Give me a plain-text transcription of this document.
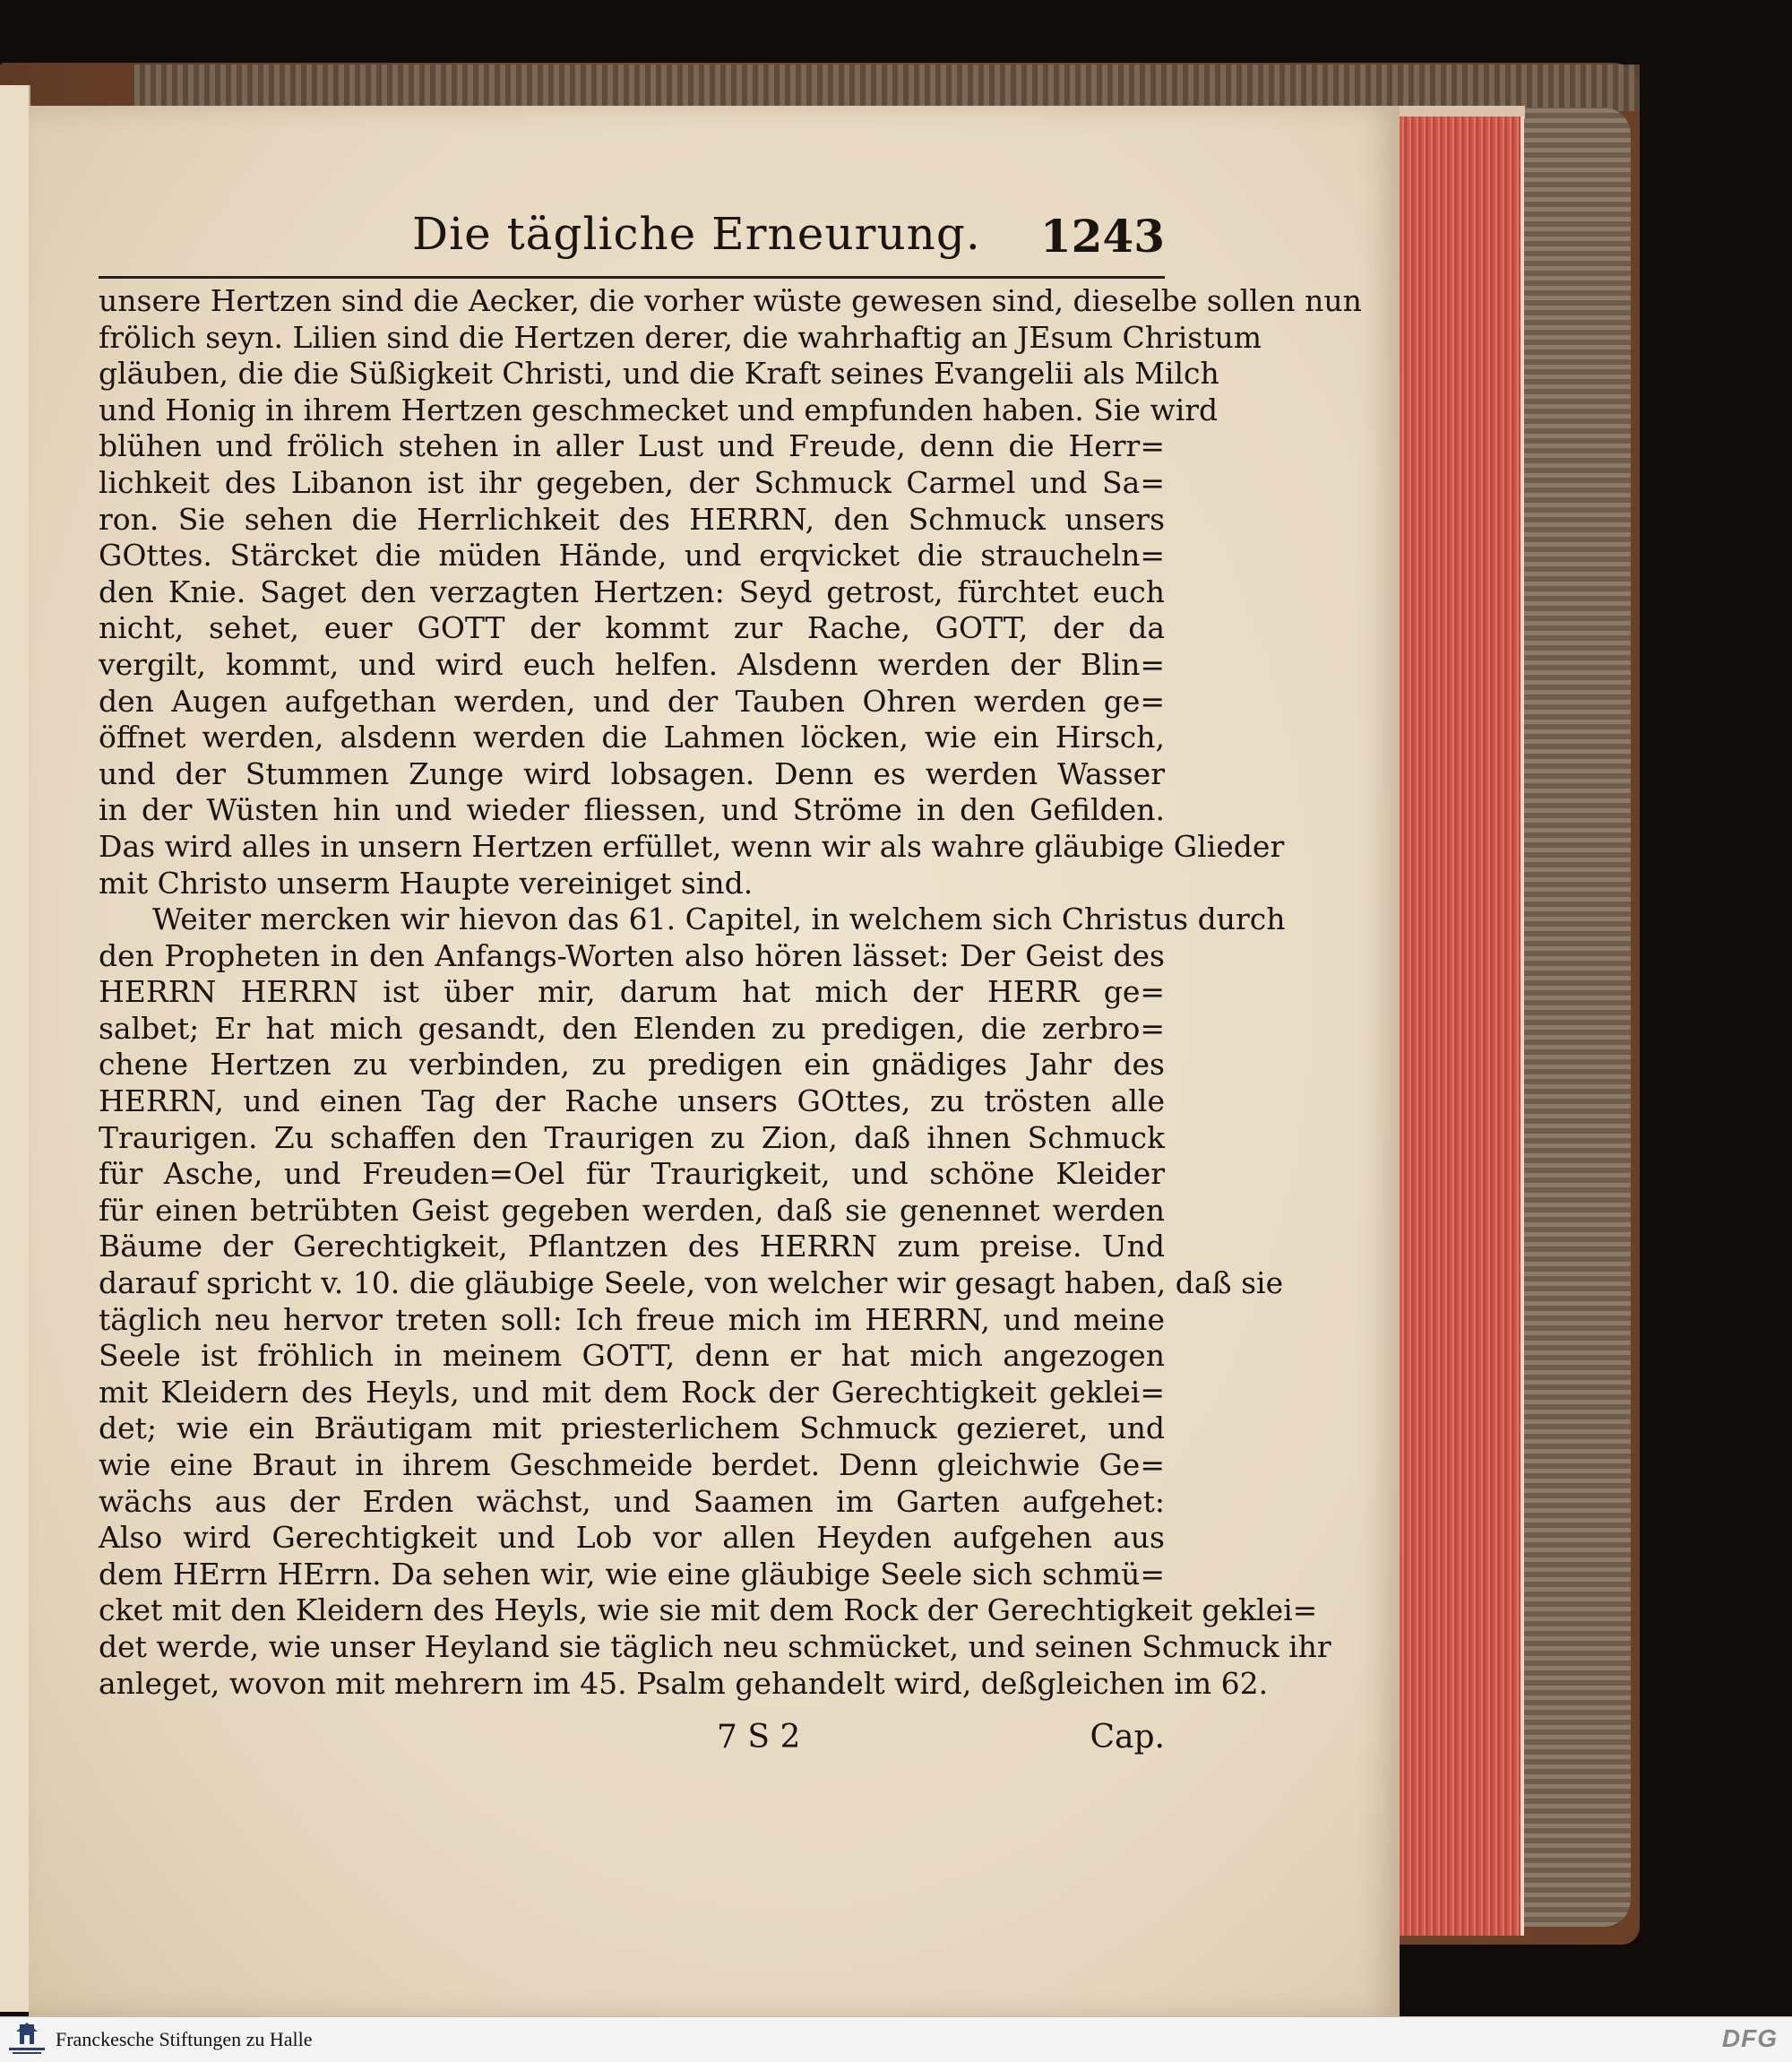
Die tägliche Erneurung. 1243
unsere Hertzen sind die Aecker, die vorher wüste gewesen sind, dieselbe sollen nun
frölich seyn. Lilien sind die Hertzen derer, die wahrhaftig an JEsum Christum
gläuben, die die Süßigkeit Christi, und die Kraft seines Evangelii als Milch
und Honig in ihrem Hertzen geschmecket und empfunden haben. Sie wird
blühen und frölich stehen in aller Lust und Freude, denn die Herr=
lichkeit des Libanon ist ihr gegeben, der Schmuck Carmel und Sa=
ron. Sie sehen die Herrlichkeit des HERRN, den Schmuck unsers
GOttes. Stärcket die müden Hände, und erqvicket die straucheln=
den Knie. Saget den verzagten Hertzen: Seyd getrost, fürchtet euch
nicht, sehet, euer GOTT der kommt zur Rache, GOTT, der da
vergilt, kommt, und wird euch helfen. Alsdenn werden der Blin=
den Augen aufgethan werden, und der Tauben Ohren werden ge=
öffnet werden, alsdenn werden die Lahmen löcken, wie ein Hirsch,
und der Stummen Zunge wird lobsagen. Denn es werden Wasser
in der Wüsten hin und wieder fliessen, und Ströme in den Gefilden.
Das wird alles in unsern Hertzen erfüllet, wenn wir als wahre gläubige Glieder
mit Christo unserm Haupte vereiniget sind.
Weiter mercken wir hievon das 61. Capitel, in welchem sich Christus durch
den Propheten in den Anfangs-Worten also hören lässet: Der Geist des
HERRN HERRN ist über mir, darum hat mich der HERR ge=
salbet; Er hat mich gesandt, den Elenden zu predigen, die zerbro=
chene Hertzen zu verbinden, zu predigen ein gnädiges Jahr des
HERRN, und einen Tag der Rache unsers GOttes, zu trösten alle
Traurigen. Zu schaffen den Traurigen zu Zion, daß ihnen Schmuck
für Asche, und Freuden=Oel für Traurigkeit, und schöne Kleider
für einen betrübten Geist gegeben werden, daß sie genennet werden
Bäume der Gerechtigkeit, Pflantzen des HERRN zum preise. Und
darauf spricht v. 10. die gläubige Seele, von welcher wir gesagt haben, daß sie
täglich neu hervor treten soll: Ich freue mich im HERRN, und meine
Seele ist fröhlich in meinem GOTT, denn er hat mich angezogen
mit Kleidern des Heyls, und mit dem Rock der Gerechtigkeit geklei=
det; wie ein Bräutigam mit priesterlichem Schmuck gezieret, und
wie eine Braut in ihrem Geschmeide berdet. Denn gleichwie Ge=
wächs aus der Erden wächst, und Saamen im Garten aufgehet:
Also wird Gerechtigkeit und Lob vor allen Heyden aufgehen aus
dem HErrn HErrn. Da sehen wir, wie eine gläubige Seele sich schmü=
cket mit den Kleidern des Heyls, wie sie mit dem Rock der Gerechtigkeit geklei=
det werde, wie unser Heyland sie täglich neu schmücket, und seinen Schmuck ihr
anleget, wovon mit mehrern im 45. Psalm gehandelt wird, deßgleichen im 62.
7 S 2	Cap.
Franckesche Stiftungen zu Halle	DFG
